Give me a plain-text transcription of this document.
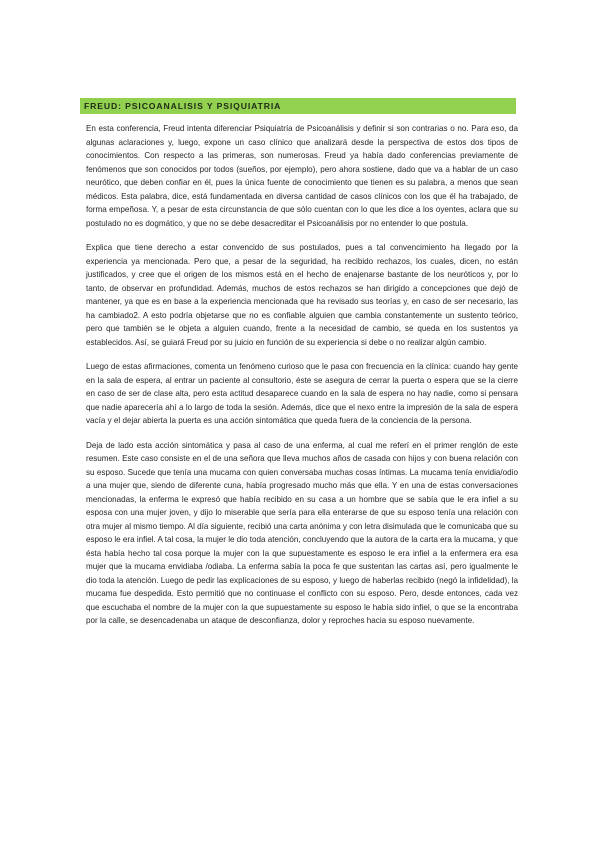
FREUD: PSICOANALISIS Y PSIQUIATRIA

En esta conferencia, Freud intenta diferenciar Psiquiatría de Psicoanálisis y definir si son contrarias o no. Para eso, da algunas aclaraciones y, luego, expone un caso clínico que analizará desde la perspectiva de estos dos tipos de conocimientos. Con respecto a las primeras, son numerosas. Freud ya había dado conferencias previamente de fenómenos que son conocidos por todos (sueños, por ejemplo), pero ahora sostiene, dado que va a hablar de un caso neurótico, que deben confiar en él, pues la única fuente de conocimiento que tienen es su palabra, a menos que sean médicos. Esta palabra, dice, está fundamentada en diversa cantidad de casos clínicos con los que él ha trabajado, de forma empeñosa. Y, a pesar de esta circunstancia de que sólo cuentan con lo que les dice a los oyentes, aclara que su postulado no es dogmático, y que no se debe desacreditar el Psicoanálisis por no entender lo que postula.

Explica que tiene derecho a estar convencido de sus postulados, pues a tal convencimiento ha llegado por la experiencia ya mencionada. Pero que, a pesar de la seguridad, ha recibido rechazos, los cuales, dicen, no están justificados, y cree que el origen de los mismos está en el hecho de enajenarse bastante de los neuróticos y, por lo tanto, de observar en profundidad. Además, muchos de estos rechazos se han dirigido a concepciones que dejó de mantener, ya que es en base a la experiencia mencionada que ha revisado sus teorías y, en caso de ser necesario, las ha cambiado2. A esto podría objetarse que no es confiable alguien que cambia constantemente un sustento teórico, pero que también se le objeta a alguien cuando, frente a la necesidad de cambio, se queda en los sustentos ya establecidos. Así, se guiará Freud por su juicio en función de su experiencia si debe o no realizar algún cambio.

Luego de estas afirmaciones, comenta un fenómeno curioso que le pasa con frecuencia en la clínica: cuando hay gente en la sala de espera, al entrar un paciente al consultorio, éste se asegura de cerrar la puerta o espera que se la cierre en caso de ser de clase alta, pero esta actitud desaparece cuando en la sala de espera no hay nadie, como si pensara que nadie aparecería ahí a lo largo de toda la sesión. Además, dice que el nexo entre la impresión de la sala de espera vacía y el dejar abierta la puerta es una acción sintomática que queda fuera de la conciencia de la persona.

Deja de lado esta acción sintomática y pasa al caso de una enferma, al cual me referí en el primer renglón de este resumen. Este caso consiste en el de una señora que lleva muchos años de casada con hijos y con buena relación con su esposo. Sucede que tenía una mucama con quien conversaba muchas cosas íntimas. La mucama tenía envidia/odio a una mujer que, siendo de diferente cuna, había progresado mucho más que ella. Y en una de estas conversaciones mencionadas, la enferma le expresó que había recibido en su casa a un hombre que se sabía que le era infiel a su esposa con una mujer joven, y dijo lo miserable que sería para ella enterarse de que su esposo tenía una relación con otra mujer al mismo tiempo. Al día siguiente, recibió una carta anónima y con letra disimulada que le comunicaba que su esposo le era infiel. A tal cosa, la mujer le dio toda atención, concluyendo que la autora de la carta era la mucama, y que ésta había hecho tal cosa porque la mujer con la que supuestamente es esposo le era infiel a la enfermera era esa mujer que la mucama envidiaba /odiaba. La enferma sabía la poca fe que sustentan las cartas así, pero igualmente le dio toda la atención. Luego de pedir las explicaciones de su esposo, y luego de haberlas recibido (negó la infidelidad), la mucama fue despedida. Esto permitió que no continuase el conflicto con su esposo. Pero, desde entonces, cada vez que escuchaba el nombre de la mujer con la que supuestamente su esposo le había sido infiel, o que se la encontraba por la calle, se desencadenaba un ataque de desconfianza, dolor y reproches hacia su esposo nuevamente.
